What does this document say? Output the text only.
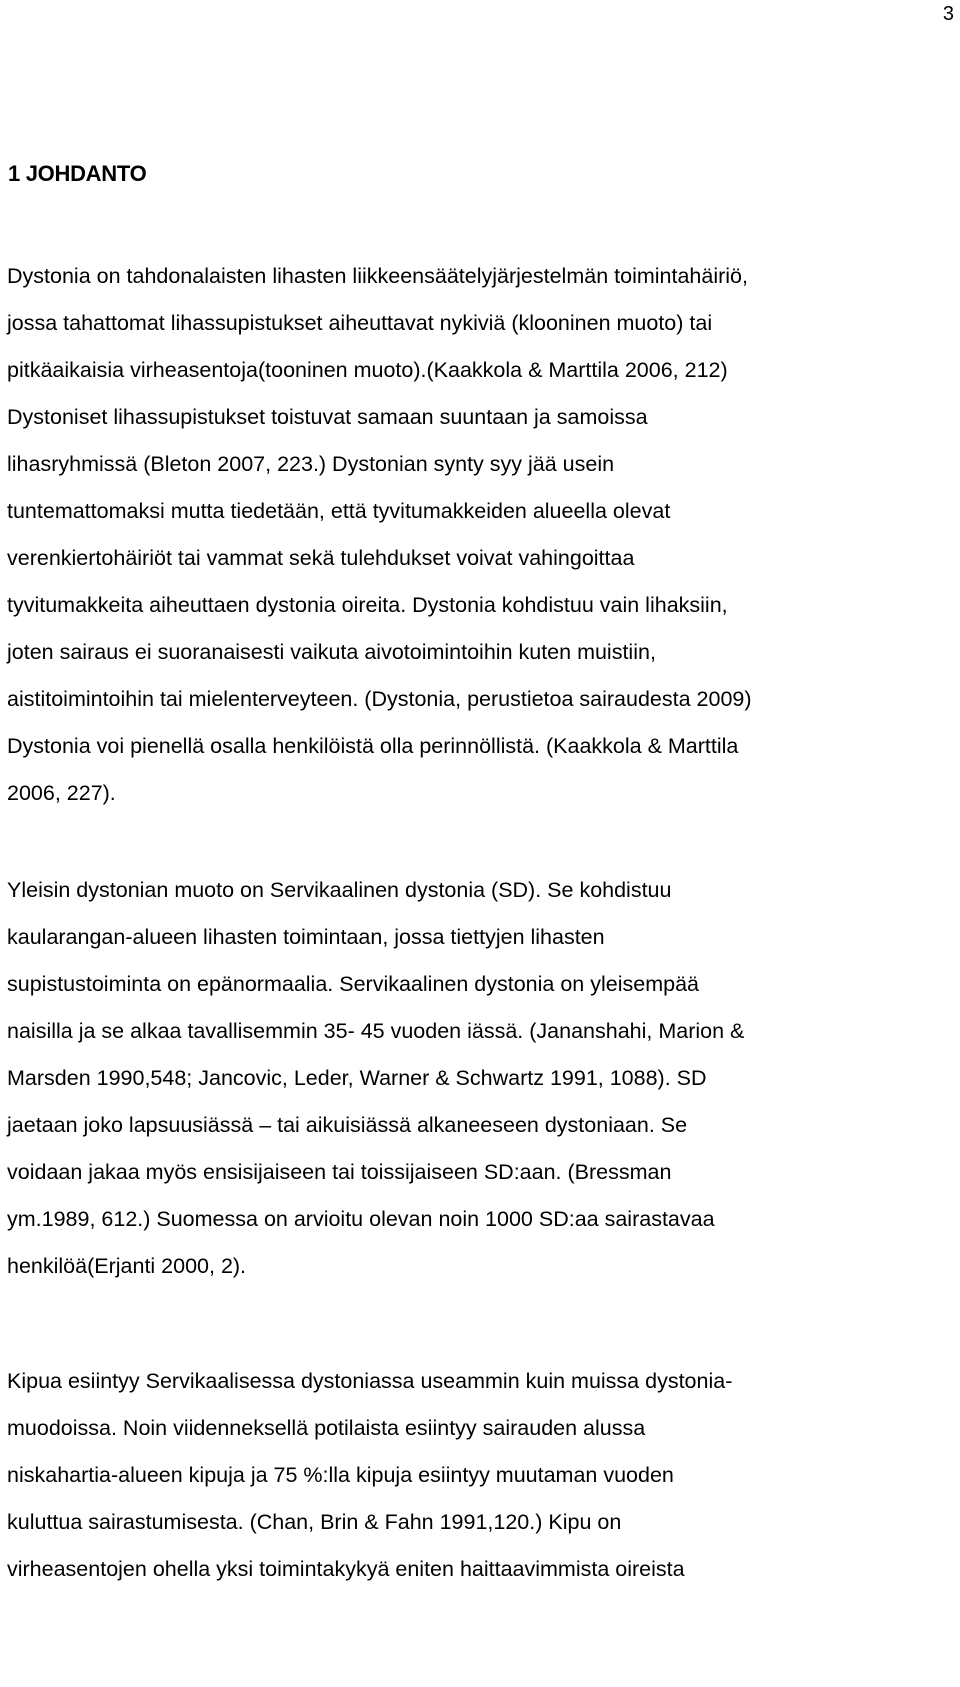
3
1 JOHDANTO

Dystonia on tahdonalaisten lihasten liikkeensäätelyjärjestelmän toimintahäiriö,
jossa tahattomat lihassupistukset aiheuttavat nykiviä (klooninen muoto) tai
pitkäaikaisia virheasentoja(tooninen muoto).(Kaakkola & Marttila 2006, 212)
Dystoniset lihassupistukset toistuvat samaan suuntaan ja samoissa
lihasryhmissä (Bleton 2007, 223.) Dystonian synty syy jää usein
tuntemattomaksi mutta tiedetään, että tyvitumakkeiden alueella olevat
verenkiertohäiriöt tai vammat sekä tulehdukset voivat vahingoittaa
tyvitumakkeita aiheuttaen dystonia oireita. Dystonia kohdistuu vain lihaksiin,
joten sairaus ei suoranaisesti vaikuta aivotoimintoihin kuten muistiin,
aistitoimintoihin tai mielenterveyteen. (Dystonia, perustietoa sairaudesta 2009)
Dystonia voi pienellä osalla henkilöistä olla perinnöllistä. (Kaakkola & Marttila
2006, 227).

Yleisin dystonian muoto on Servikaalinen dystonia (SD). Se kohdistuu
kaularangan-alueen lihasten toimintaan, jossa tiettyjen lihasten
supistustoiminta on epänormaalia. Servikaalinen dystonia on yleisempää
naisilla ja se alkaa tavallisemmin 35- 45 vuoden iässä. (Jananshahi, Marion &
Marsden 1990,548; Jancovic, Leder, Warner & Schwartz 1991, 1088). SD
jaetaan joko lapsuusiässä – tai aikuisiässä alkaneeseen dystoniaan. Se
voidaan jakaa myös ensisijaiseen tai toissijaiseen SD:aan. (Bressman
ym.1989, 612.) Suomessa on arvioitu olevan noin 1000 SD:aa sairastavaa
henkilöä(Erjanti 2000, 2).

Kipua esiintyy Servikaalisessa dystoniassa useammin kuin muissa dystonia-
muodoissa. Noin viidenneksellä potilaista esiintyy sairauden alussa
niskahartia-alueen kipuja ja 75 %:lla kipuja esiintyy muutaman vuoden
kuluttua sairastumisesta. (Chan, Brin & Fahn 1991,120.) Kipu on
virheasentojen ohella yksi toimintakykyä eniten haittaavimmista oireista
